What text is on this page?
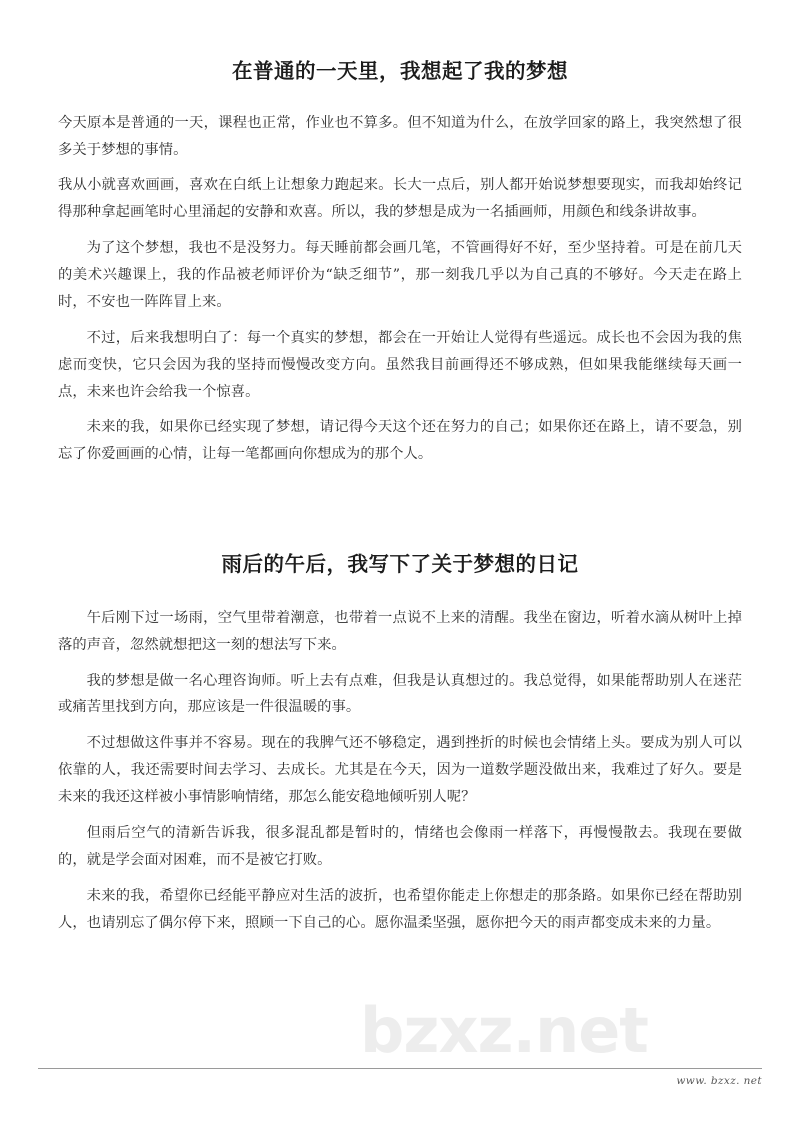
在普通的一天里，我想起了我的梦想

今天原本是普通的一天，课程也正常，作业也不算多。但不知道为什么，在放学回家的路上，我突然想了很多关于梦想的事情。

我从小就喜欢画画，喜欢在白纸上让想象力跑起来。长大一点后，别人都开始说梦想要现实，而我却始终记得那种拿起画笔时心里涌起的安静和欢喜。所以，我的梦想是成为一名插画师，用颜色和线条讲故事。

为了这个梦想，我也不是没努力。每天睡前都会画几笔，不管画得好不好，至少坚持着。可是在前几天的美术兴趣课上，我的作品被老师评价为“缺乏细节”，那一刻我几乎以为自己真的不够好。今天走在路上时，不安也一阵阵冒上来。

不过，后来我想明白了：每一个真实的梦想，都会在一开始让人觉得有些遥远。成长也不会因为我的焦虑而变快，它只会因为我的坚持而慢慢改变方向。虽然我目前画得还不够成熟，但如果我能继续每天画一点，未来也许会给我一个惊喜。

未来的我，如果你已经实现了梦想，请记得今天这个还在努力的自己；如果你还在路上，请不要急，别忘了你爱画画的心情，让每一笔都画向你想成为的那个人。

雨后的午后，我写下了关于梦想的日记

午后刚下过一场雨，空气里带着潮意，也带着一点说不上来的清醒。我坐在窗边，听着水滴从树叶上掉落的声音，忽然就想把这一刻的想法写下来。

我的梦想是做一名心理咨询师。听上去有点难，但我是认真想过的。我总觉得，如果能帮助别人在迷茫或痛苦里找到方向，那应该是一件很温暖的事。

不过想做这件事并不容易。现在的我脾气还不够稳定，遇到挫折的时候也会情绪上头。要成为别人可以依靠的人，我还需要时间去学习、去成长。尤其是在今天，因为一道数学题没做出来，我难过了好久。要是未来的我还这样被小事情影响情绪，那怎么能安稳地倾听别人呢？

但雨后空气的清新告诉我，很多混乱都是暂时的，情绪也会像雨一样落下，再慢慢散去。我现在要做的，就是学会面对困难，而不是被它打败。

未来的我，希望你已经能平静应对生活的波折，也希望你能走上你想走的那条路。如果你已经在帮助别人，也请别忘了偶尔停下来，照顾一下自己的心。愿你温柔坚强，愿你把今天的雨声都变成未来的力量。

bzxz.net
www. bzxz. net
